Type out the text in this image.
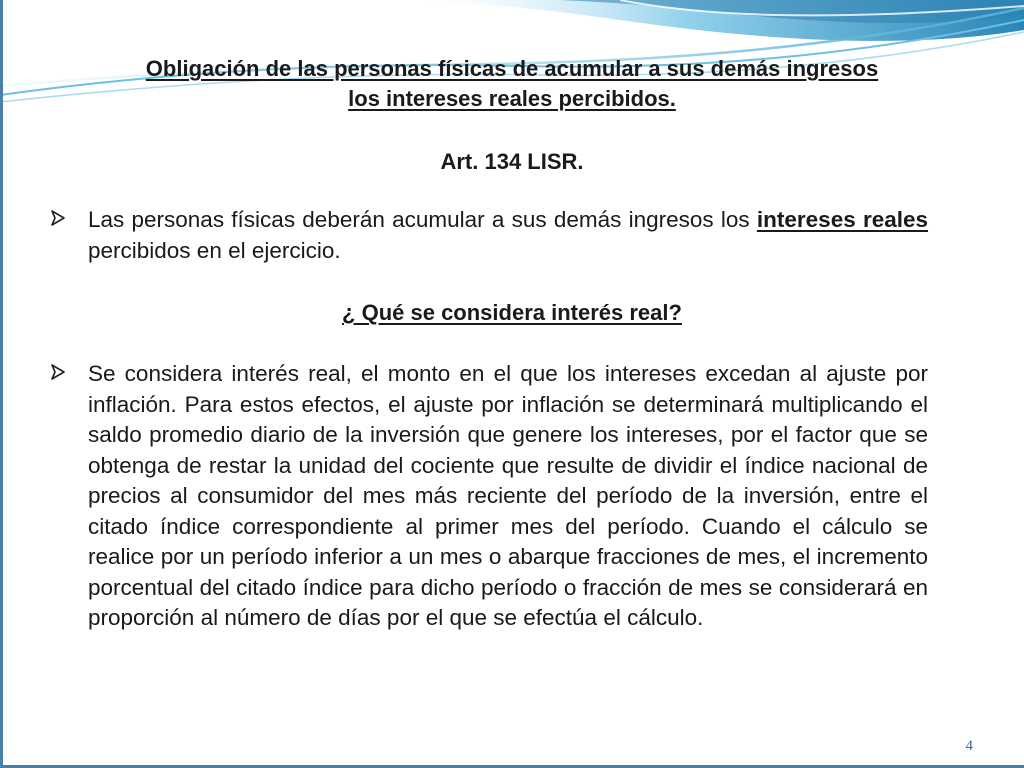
Obligación de las personas físicas de acumular a sus demás ingresos
los intereses reales percibidos.
Art. 134 LISR.
Las personas físicas deberán acumular a sus demás ingresos los intereses reales percibidos en el ejercicio.
¿ Qué se considera interés real?
Se considera interés real, el monto en el que los intereses excedan al ajuste por inflación. Para estos efectos, el ajuste por inflación se determinará multiplicando el saldo promedio diario de la inversión que genere los intereses, por el factor que se obtenga de restar la unidad del cociente que resulte de dividir el índice nacional de precios al consumidor del mes más reciente del período de la inversión, entre el citado índice correspondiente al primer mes del período. Cuando el cálculo se realice por un período inferior a un mes o abarque fracciones de mes, el incremento porcentual del citado índice para dicho período o fracción de mes se considerará en proporción al número de días por el que se efectúa el cálculo.
4
